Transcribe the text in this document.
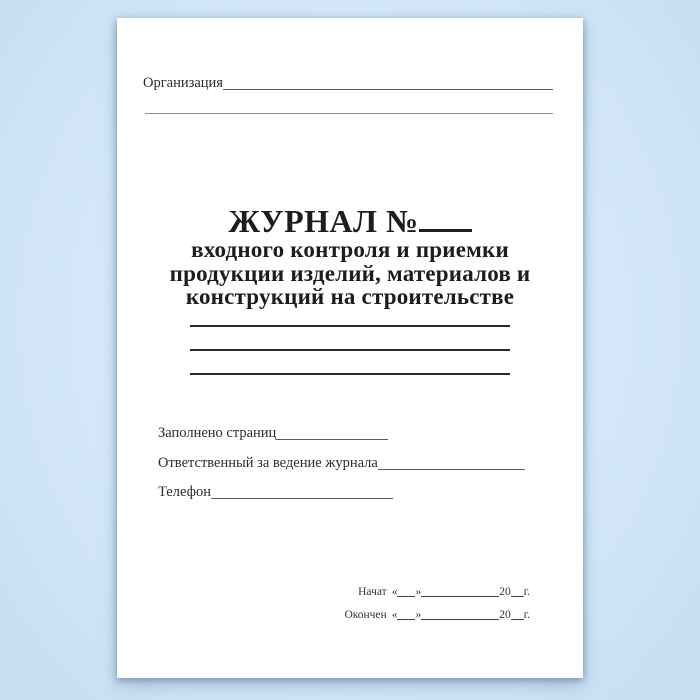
Организация
ЖУРНАЛ №
входного контроля и приемки
продукции изделий, материалов и
конструкций на строительстве
Заполнено страниц
Ответственный за ведение журнала
Телефон
Начат « »	20 г.
Окончен « »	20 г.
